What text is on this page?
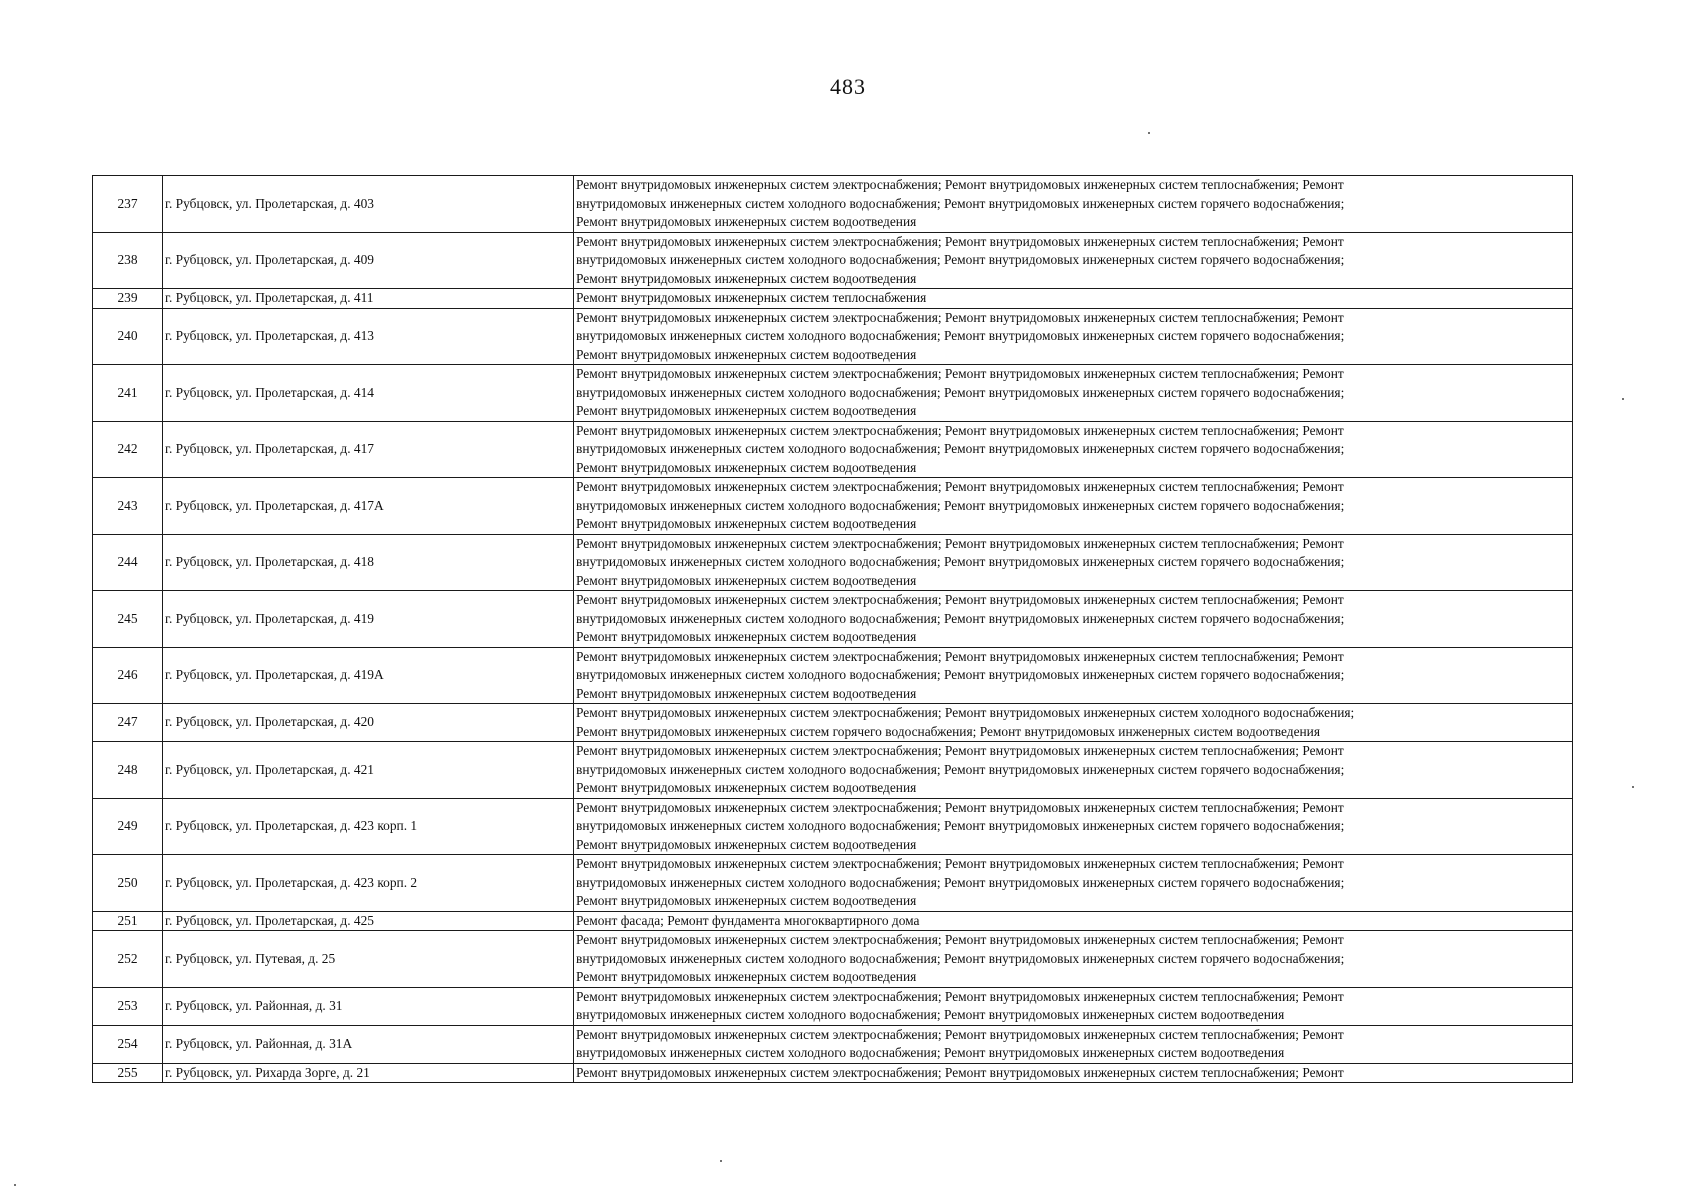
483
237	г. Рубцовск, ул. Пролетарская, д. 403	Ремонт внутридомовых инженерных систем электроснабжения; Ремонт внутридомовых инженерных систем теплоснабжения; Ремонт
внутридомовых инженерных систем холодного водоснабжения; Ремонт внутридомовых инженерных систем горячего водоснабжения;
Ремонт внутридомовых инженерных систем водоотведения

238	г. Рубцовск, ул. Пролетарская, д. 409	Ремонт внутридомовых инженерных систем электроснабжения; Ремонт внутридомовых инженерных систем теплоснабжения; Ремонт
внутридомовых инженерных систем холодного водоснабжения; Ремонт внутридомовых инженерных систем горячего водоснабжения;
Ремонт внутридомовых инженерных систем водоотведения

239	г. Рубцовск, ул. Пролетарская, д. 411	Ремонт внутридомовых инженерных систем теплоснабжения

240	г. Рубцовск, ул. Пролетарская, д. 413	Ремонт внутридомовых инженерных систем электроснабжения; Ремонт внутридомовых инженерных систем теплоснабжения; Ремонт
внутридомовых инженерных систем холодного водоснабжения; Ремонт внутридомовых инженерных систем горячего водоснабжения;
Ремонт внутридомовых инженерных систем водоотведения

241	г. Рубцовск, ул. Пролетарская, д. 414	Ремонт внутридомовых инженерных систем электроснабжения; Ремонт внутридомовых инженерных систем теплоснабжения; Ремонт
внутридомовых инженерных систем холодного водоснабжения; Ремонт внутридомовых инженерных систем горячего водоснабжения;
Ремонт внутридомовых инженерных систем водоотведения

242	г. Рубцовск, ул. Пролетарская, д. 417	Ремонт внутридомовых инженерных систем электроснабжения; Ремонт внутридомовых инженерных систем теплоснабжения; Ремонт
внутридомовых инженерных систем холодного водоснабжения; Ремонт внутридомовых инженерных систем горячего водоснабжения;
Ремонт внутридомовых инженерных систем водоотведения

243	г. Рубцовск, ул. Пролетарская, д. 417А	Ремонт внутридомовых инженерных систем электроснабжения; Ремонт внутридомовых инженерных систем теплоснабжения; Ремонт
внутридомовых инженерных систем холодного водоснабжения; Ремонт внутридомовых инженерных систем горячего водоснабжения;
Ремонт внутридомовых инженерных систем водоотведения

244	г. Рубцовск, ул. Пролетарская, д. 418	Ремонт внутридомовых инженерных систем электроснабжения; Ремонт внутридомовых инженерных систем теплоснабжения; Ремонт
внутридомовых инженерных систем холодного водоснабжения; Ремонт внутридомовых инженерных систем горячего водоснабжения;
Ремонт внутридомовых инженерных систем водоотведения

245	г. Рубцовск, ул. Пролетарская, д. 419	Ремонт внутридомовых инженерных систем электроснабжения; Ремонт внутридомовых инженерных систем теплоснабжения; Ремонт
внутридомовых инженерных систем холодного водоснабжения; Ремонт внутридомовых инженерных систем горячего водоснабжения;
Ремонт внутридомовых инженерных систем водоотведения

246	г. Рубцовск, ул. Пролетарская, д. 419А	Ремонт внутридомовых инженерных систем электроснабжения; Ремонт внутридомовых инженерных систем теплоснабжения; Ремонт
внутридомовых инженерных систем холодного водоснабжения; Ремонт внутридомовых инженерных систем горячего водоснабжения;
Ремонт внутридомовых инженерных систем водоотведения

247	г. Рубцовск, ул. Пролетарская, д. 420	Ремонт внутридомовых инженерных систем электроснабжения; Ремонт внутридомовых инженерных систем холодного водоснабжения;
Ремонт внутридомовых инженерных систем горячего водоснабжения; Ремонт внутридомовых инженерных систем водоотведения

248	г. Рубцовск, ул. Пролетарская, д. 421	Ремонт внутридомовых инженерных систем электроснабжения; Ремонт внутридомовых инженерных систем теплоснабжения; Ремонт
внутридомовых инженерных систем холодного водоснабжения; Ремонт внутридомовых инженерных систем горячего водоснабжения;
Ремонт внутридомовых инженерных систем водоотведения

249	г. Рубцовск, ул. Пролетарская, д. 423 корп. 1	Ремонт внутридомовых инженерных систем электроснабжения; Ремонт внутридомовых инженерных систем теплоснабжения; Ремонт
внутридомовых инженерных систем холодного водоснабжения; Ремонт внутридомовых инженерных систем горячего водоснабжения;
Ремонт внутридомовых инженерных систем водоотведения

250	г. Рубцовск, ул. Пролетарская, д. 423 корп. 2	Ремонт внутридомовых инженерных систем электроснабжения; Ремонт внутридомовых инженерных систем теплоснабжения; Ремонт
внутридомовых инженерных систем холодного водоснабжения; Ремонт внутридомовых инженерных систем горячего водоснабжения;
Ремонт внутридомовых инженерных систем водоотведения

251	г. Рубцовск, ул. Пролетарская, д. 425	Ремонт фасада; Ремонт фундамента многоквартирного дома

252	г. Рубцовск, ул. Путевая, д. 25	Ремонт внутридомовых инженерных систем электроснабжения; Ремонт внутридомовых инженерных систем теплоснабжения; Ремонт
внутридомовых инженерных систем холодного водоснабжения; Ремонт внутридомовых инженерных систем горячего водоснабжения;
Ремонт внутридомовых инженерных систем водоотведения

253	г. Рубцовск, ул. Районная, д. 31	Ремонт внутридомовых инженерных систем электроснабжения; Ремонт внутридомовых инженерных систем теплоснабжения; Ремонт
внутридомовых инженерных систем холодного водоснабжения; Ремонт внутридомовых инженерных систем водоотведения

254	г. Рубцовск, ул. Районная, д. 31А	Ремонт внутридомовых инженерных систем электроснабжения; Ремонт внутридомовых инженерных систем теплоснабжения; Ремонт
внутридомовых инженерных систем холодного водоснабжения; Ремонт внутридомовых инженерных систем водоотведения

255	г. Рубцовск, ул. Рихарда Зорге, д. 21	Ремонт внутридомовых инженерных систем электроснабжения; Ремонт внутридомовых инженерных систем теплоснабжения; Ремонт
